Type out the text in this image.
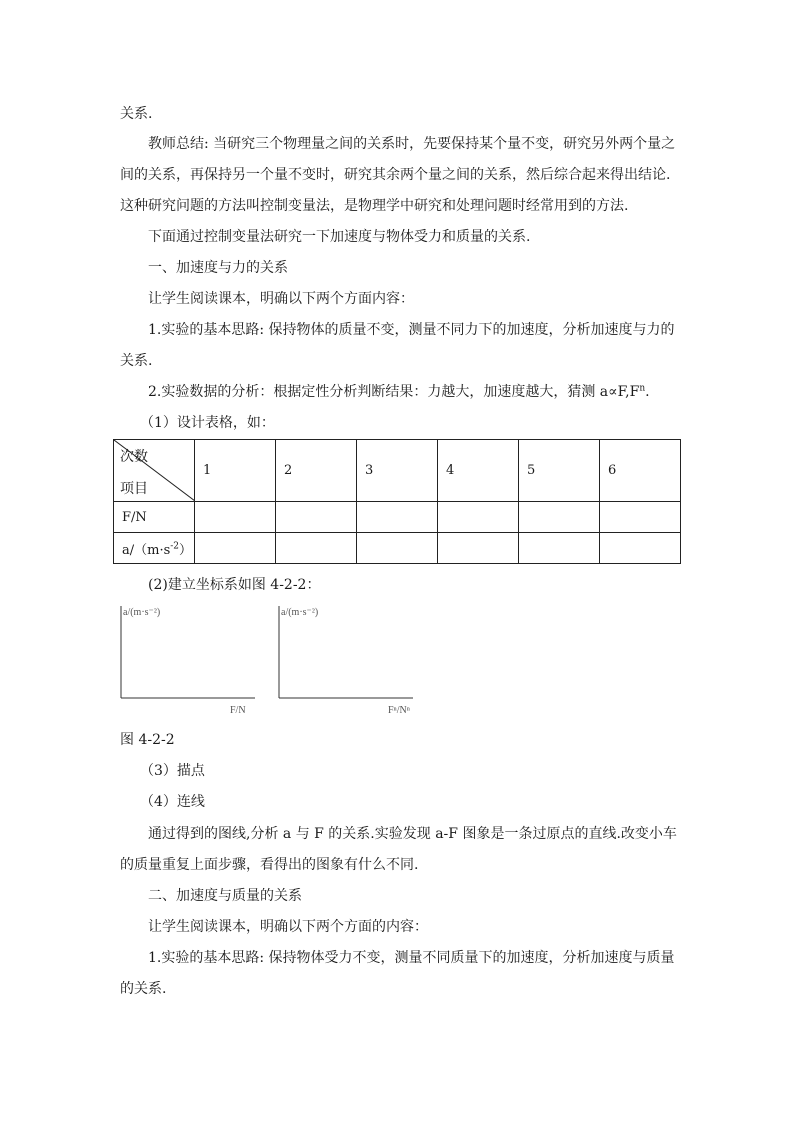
关系.
教师总结: 当研究三个物理量之间的关系时，先要保持某个量不变，研究另外两个量之
间的关系，再保持另一个量不变时，研究其余两个量之间的关系，然后综合起来得出结论.
这种研究问题的方法叫控制变量法，是物理学中研究和处理问题时经常用到的方法.
下面通过控制变量法研究一下加速度与物体受力和质量的关系.
一、加速度与力的关系
让学生阅读课本，明确以下两个方面内容：
1.实验的基本思路: 保持物体的质量不变，测量不同力下的加速度，分析加速度与力的
关系.
2.实验数据的分析：根据定性分析判断结果：力越大，加速度越大，猜测 $a\propto F,F^n$.
（1）设计表格，如：
次数
项目	1	2	3	4	5	6
F/N						
$a/(m\cdot s^{-2})$						
(2)建立坐标系如图 4-2-2：
a/(m·s⁻²)
F/N
a/(m·s⁻²)
Fⁿ/Nⁿ
图 4-2-2
（3）描点
（4）连线
通过得到的图线,分析 a 与 F 的关系.实验发现 a-F 图象是一条过原点的直线.改变小车
的质量重复上面步骤，看得出的图象有什么不同.
二、加速度与质量的关系
让学生阅读课本，明确以下两个方面的内容：
1.实验的基本思路: 保持物体受力不变，测量不同质量下的加速度，分析加速度与质量
的关系.
